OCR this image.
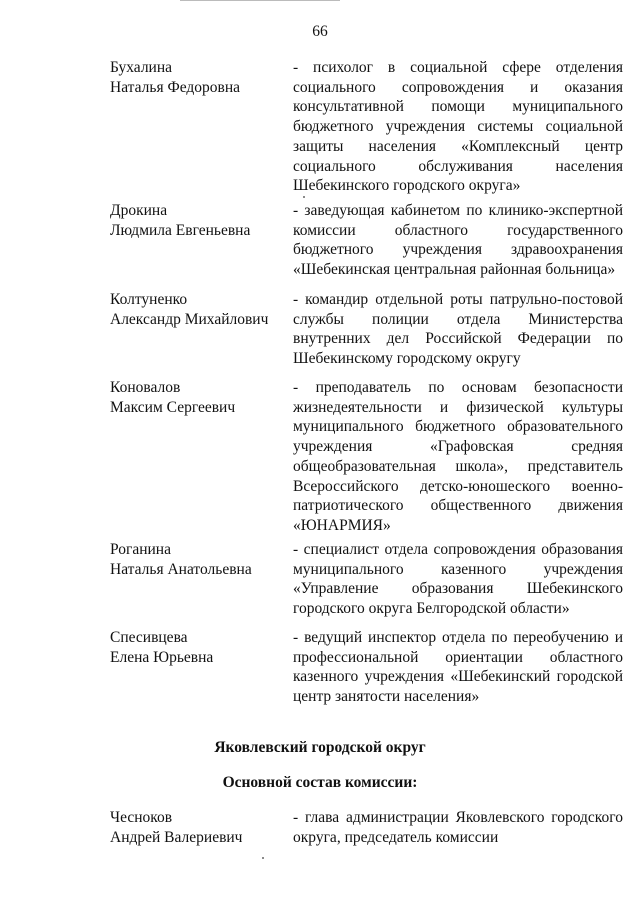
66
Бухалина
Наталья Федоровна
- психолог в социальной сфере отделения социального сопровождения и оказания консультативной помощи муниципального бюджетного учреждения системы социальной защиты населения «Комплексный центр социального обслуживания населения Шебекинского городского округа»
Дрокина
Людмила Евгеньевна
- заведующая кабинетом по клинико-экспертной комиссии областного государственного бюджетного учреждения здравоохранения «Шебекинская центральная районная больница»
Колтуненко
Александр Михайлович
- командир отдельной роты патрульно-постовой службы полиции отдела Министерства внутренних дел Российской Федерации по Шебекинскому городскому округу
Коновалов
Максим Сергеевич
- преподаватель по основам безопасности жизнедеятельности и физической культуры муниципального бюджетного образовательного учреждения «Графовская средняя общеобразовательная школа», представитель Всероссийского детско-юношеского военно-патриотического общественного движения «ЮНАРМИЯ»
Роганина
Наталья Анатольевна
- специалист отдела сопровождения образования муниципального казенного учреждения «Управление образования Шебекинского городского округа Белгородской области»
Спесивцева
Елена Юрьевна
- ведущий инспектор отдела по переобучению и профессиональной ориентации областного казенного учреждения «Шебекинский городской центр занятости населения»
Яковлевский городской округ
Основной состав комиссии:
Чесноков
Андрей Валериевич
- глава администрации Яковлевского городского округа, председатель комиссии
